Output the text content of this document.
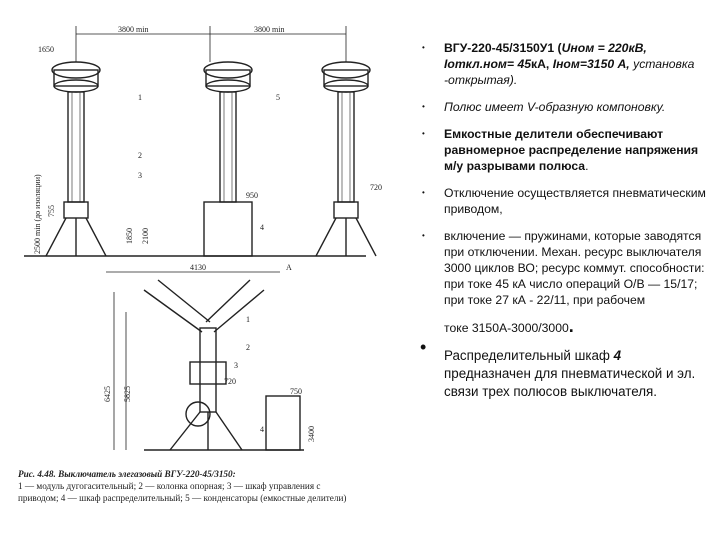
3800 min	3800 min
1650
2500 min (до изоляции) 755
1850 2100
950
720
4130	А
6425 5825
720
750
3400
1
2
3
4
5
1
2
3
4
Рис. 4.48. Выключатель элегазовый ВГУ-220-45/3150:
1 — модуль дугогасительный; 2 — колонка опорная; 3 — шкаф управления с
приводом; 4 — шкаф распределительный; 5 — конденсаторы (емкостные делители)
• ВГУ-220-45/3150У1 (Uном = 220кВ, Iоткл.ном= 45кА, Iном=3150 А, установка -открытая).
• Полюс имеет V-образную компоновку.
• Емкостные делители обеспечивают равномерное распределение напряжения м/у разрывами полюса.
• Отключение осуществляется пневматическим приводом,
• включение — пружинами, которые заводятся при отключении. Механ. ресурс выключателя 3000 циклов ВО; ресурс коммут. способности: при токе 45 кА число операций О/В — 15/17; при токе 27 кА - 22/11, при рабочем
токе 3150А-3000/3000.
• Распределительный шкаф 4
предназначен для пневматической и эл. связи трех полюсов выключателя.
